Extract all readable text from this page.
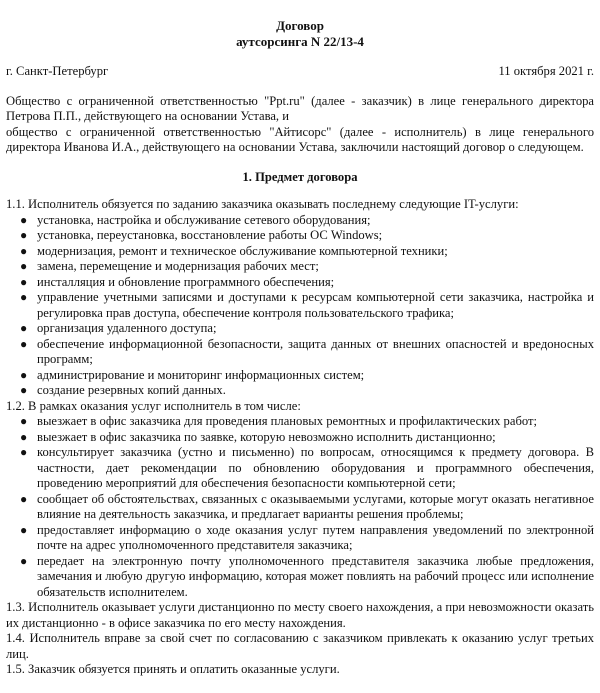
Договор
аутсорсинга N 22/13-4
г. Санкт-Петербург	11 октября 2021 г.

Общество с ограниченной ответственностью "Ppt.ru" (далее - заказчик) в лице генерального директора Петрова П.П., действующего на основании Устава, и

общество с ограниченной ответственностью "Айтисорс" (далее - исполнитель) в лице генерального директора Иванова И.А., действующего на основании Устава, заключили настоящий договор о следующем.

1. Предмет договора

1.1. Исполнитель обязуется по заданию заказчика оказывать последнему следующие IT-услуги:

● установка, настройка и обслуживание сетевого оборудования;
● установка, переустановка, восстановление работы ОС Windows;
● модернизация, ремонт и техническое обслуживание компьютерной техники;
● замена, перемещение и модернизация рабочих мест;
● инсталляция и обновление программного обеспечения;
● управление учетными записями и доступами к ресурсам компьютерной сети заказчика, настройка и регулировка прав доступа, обеспечение контроля пользовательского трафика;
● организация удаленного доступа;
● обеспечение информационной безопасности, защита данных от внешних опасностей и вредоносных программ;
● администрирование и мониторинг информационных систем;
● создание резервных копий данных.

1.2. В рамках оказания услуг исполнитель в том числе:

● выезжает в офис заказчика для проведения плановых ремонтных и профилактических работ;
● выезжает в офис заказчика по заявке, которую невозможно исполнить дистанционно;
● консультирует заказчика (устно и письменно) по вопросам, относящимся к предмету договора. В частности, дает рекомендации по обновлению оборудования и программного обеспечения, проведению мероприятий для обеспечения безопасности компьютерной сети;
● сообщает об обстоятельствах, связанных с оказываемыми услугами, которые могут оказать негативное влияние на деятельность заказчика, и предлагает варианты решения проблемы;
● предоставляет информацию о ходе оказания услуг путем направления уведомлений по электронной почте на адрес уполномоченного представителя заказчика;
● передает на электронную почту уполномоченного представителя заказчика любые предложения, замечания и любую другую информацию, которая может повлиять на рабочий процесс или исполнение обязательств исполнителем.

1.3. Исполнитель оказывает услуги дистанционно по месту своего нахождения, а при невозможности оказать их дистанционно - в офисе заказчика по его месту нахождения.

1.4. Исполнитель вправе за свой счет по согласованию с заказчиком привлекать к оказанию услуг третьих лиц.

1.5. Заказчик обязуется принять и оплатить оказанные услуги.
